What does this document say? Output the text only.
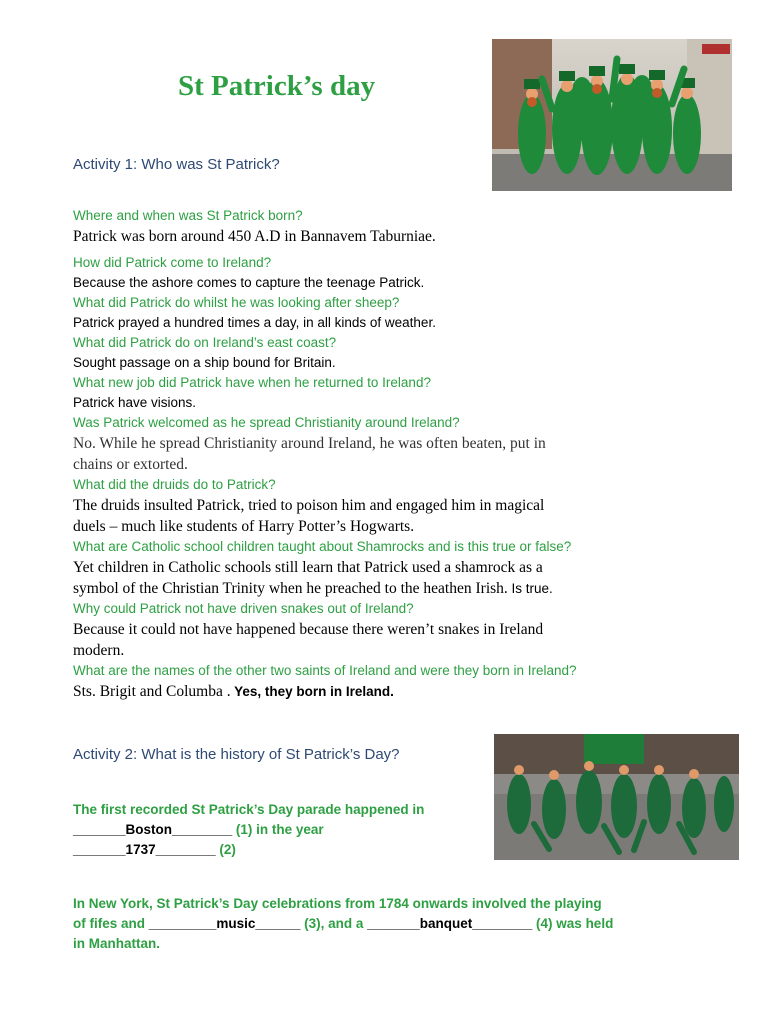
St Patrick’s day
Activity 1: Who was St Patrick?
Where and when was St Patrick born?
Patrick was born around 450 A.D in Bannavem Taburniae.
How did Patrick come to Ireland?
Because the ashore comes to capture the teenage Patrick.
What did Patrick do whilst he was looking after sheep?
Patrick prayed a hundred times a day, in all kinds of weather.
What did Patrick do on Ireland’s east coast?
Sought passage on a ship bound for Britain.
What new job did Patrick have when he returned to Ireland?
Patrick have visions.
Was Patrick welcomed as he spread Christianity around Ireland?
No. While he spread Christianity around Ireland, he was often beaten, put in
chains or extorted.
What did the druids do to Patrick?
The druids insulted Patrick, tried to poison him and engaged him in magical
duels – much like students of Harry Potter’s Hogwarts.
What are Catholic school children taught about Shamrocks and is this true or false?
Yet children in Catholic schools still learn that Patrick used a shamrock as a
symbol of the Christian Trinity when he preached to the heathen Irish. Is true.
Why could Patrick not have driven snakes out of Ireland?
Because it could not have happened because there weren’t snakes in Ireland
modern.
What are the names of the other two saints of Ireland and were they born in Ireland?
Sts. Brigit and Columba . Yes, they born in Ireland.
Activity 2: What is the history of St Patrick’s Day?
The first recorded St Patrick’s Day parade happened in
_______Boston________ (1) in the year
_______1737________ (2)
In New York, St Patrick’s Day celebrations from 1784 onwards involved the playing
of fifes and _________music______ (3), and a _______banquet________ (4) was held
in Manhattan.
